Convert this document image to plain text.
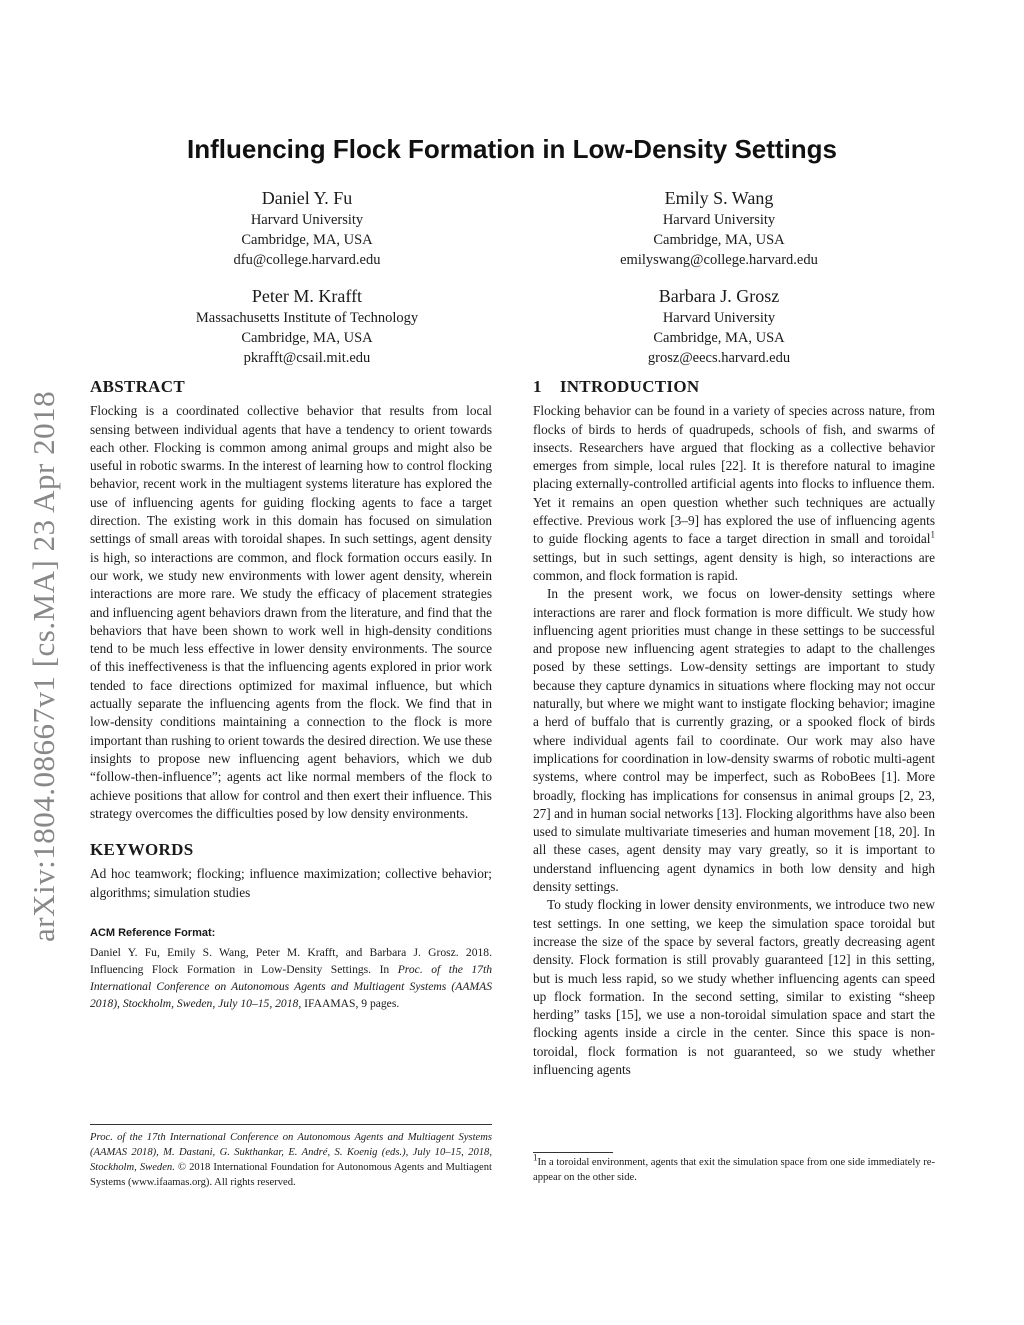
arXiv:1804.08667v1 [cs.MA] 23 Apr 2018
Influencing Flock Formation in Low-Density Settings
Daniel Y. Fu
Harvard University
Cambridge, MA, USA
dfu@college.harvard.edu
Emily S. Wang
Harvard University
Cambridge, MA, USA
emilyswang@college.harvard.edu
Peter M. Krafft
Massachusetts Institute of Technology
Cambridge, MA, USA
pkrafft@csail.mit.edu
Barbara J. Grosz
Harvard University
Cambridge, MA, USA
grosz@eecs.harvard.edu
ABSTRACT

Flocking is a coordinated collective behavior that results from local sensing between individual agents that have a tendency to orient towards each other. Flocking is common among animal groups and might also be useful in robotic swarms. In the interest of learning how to control flocking behavior, recent work in the multiagent systems literature has explored the use of influencing agents for guiding flocking agents to face a target direction. The existing work in this domain has focused on simulation settings of small areas with toroidal shapes. In such settings, agent density is high, so interactions are common, and flock formation occurs easily. In our work, we study new environments with lower agent density, wherein interactions are more rare. We study the efficacy of placement strategies and influencing agent behaviors drawn from the literature, and find that the behaviors that have been shown to work well in high-density conditions tend to be much less effective in lower density environments. The source of this ineffectiveness is that the influencing agents explored in prior work tended to face directions optimized for maximal influence, but which actually separate the influencing agents from the flock. We find that in low-density conditions maintaining a connection to the flock is more important than rushing to orient towards the desired direction. We use these insights to propose new influencing agent behaviors, which we dub “follow-then-influence”; agents act like normal members of the flock to achieve positions that allow for control and then exert their influence. This strategy overcomes the difficulties posed by low density environments.

KEYWORDS

Ad hoc teamwork; flocking; influence maximization; collective behavior; algorithms; simulation studies

ACM Reference Format:

Daniel Y. Fu, Emily S. Wang, Peter M. Krafft, and Barbara J. Grosz. 2018. Influencing Flock Formation in Low-Density Settings. In Proc. of the 17th International Conference on Autonomous Agents and Multiagent Systems (AAMAS 2018), Stockholm, Sweden, July 10–15, 2018, IFAAMAS, 9 pages.

Proc. of the 17th International Conference on Autonomous Agents and Multiagent Systems (AAMAS 2018), M. Dastani, G. Sukthankar, E. André, S. Koenig (eds.), July 10–15, 2018, Stockholm, Sweden. © 2018 International Foundation for Autonomous Agents and Multiagent Systems (www.ifaamas.org). All rights reserved.
1 INTRODUCTION

Flocking behavior can be found in a variety of species across nature, from flocks of birds to herds of quadrupeds, schools of fish, and swarms of insects. Researchers have argued that flocking as a collective behavior emerges from simple, local rules [22]. It is therefore natural to imagine placing externally-controlled artificial agents into flocks to influence them. Yet it remains an open question whether such techniques are actually effective. Previous work [3–9] has explored the use of influencing agents to guide flocking agents to face a target direction in small and toroidal$^1$ settings, but in such settings, agent density is high, so interactions are common, and flock formation is rapid.

In the present work, we focus on lower-density settings where interactions are rarer and flock formation is more difficult. We study how influencing agent priorities must change in these settings to be successful and propose new influencing agent strategies to adapt to the challenges posed by these settings. Low-density settings are important to study because they capture dynamics in situations where flocking may not occur naturally, but where we might want to instigate flocking behavior; imagine a herd of buffalo that is currently grazing, or a spooked flock of birds where individual agents fail to coordinate. Our work may also have implications for coordination in low-density swarms of robotic multi-agent systems, where control may be imperfect, such as RoboBees [1]. More broadly, flocking has implications for consensus in animal groups [2, 23, 27] and in human social networks [13]. Flocking algorithms have also been used to simulate multivariate timeseries and human movement [18, 20]. In all these cases, agent density may vary greatly, so it is important to understand influencing agent dynamics in both low density and high density settings.

To study flocking in lower density environments, we introduce two new test settings. In one setting, we keep the simulation space toroidal but increase the size of the space by several factors, greatly decreasing agent density. Flock formation is still provably guaranteed [12] in this setting, but is much less rapid, so we study whether influencing agents can speed up flock formation. In the second setting, similar to existing “sheep herding” tasks [15], we use a non-toroidal simulation space and start the flocking agents inside a circle in the center. Since this space is non-toroidal, flock formation is not guaranteed, so we study whether influencing agents

$^1$In a toroidal environment, agents that exit the simulation space from one side immediately re-appear on the other side.
